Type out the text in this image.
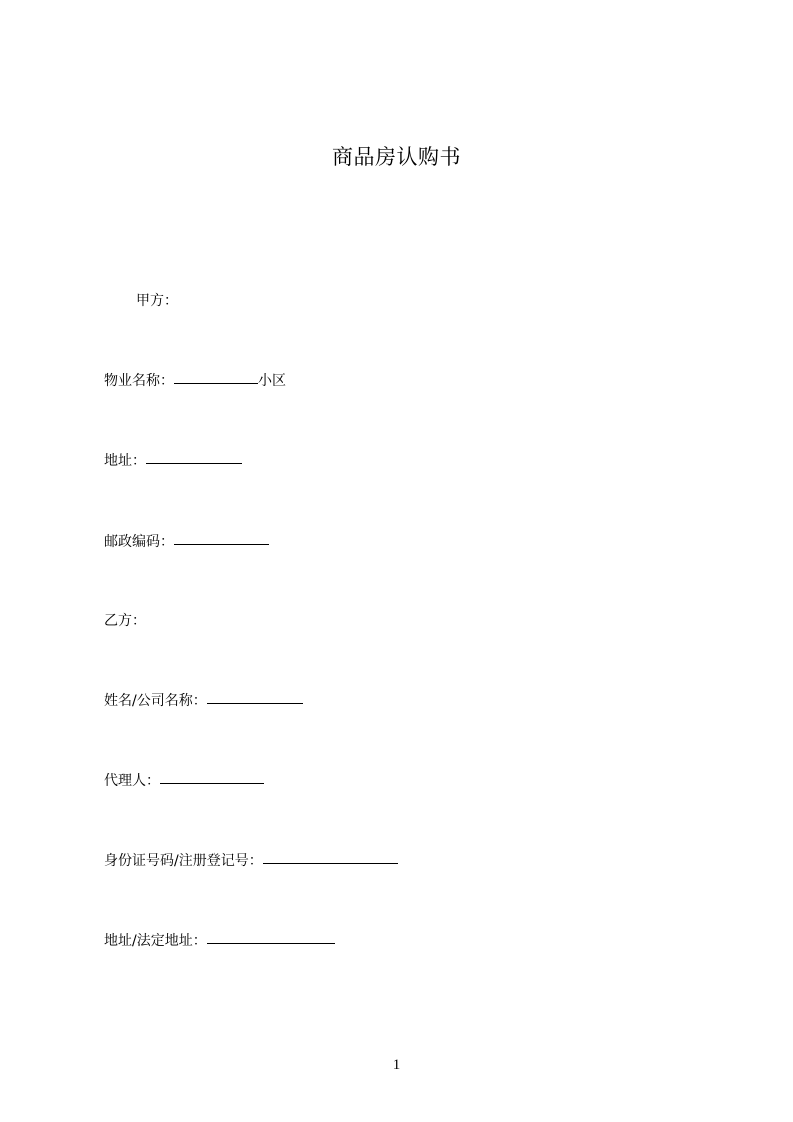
商品房认购书
甲方：
物业名称：	小区
地址：
邮政编码：
乙方：
姓名/公司名称：
代理人：
身份证号码/注册登记号：
地址/法定地址：
1
